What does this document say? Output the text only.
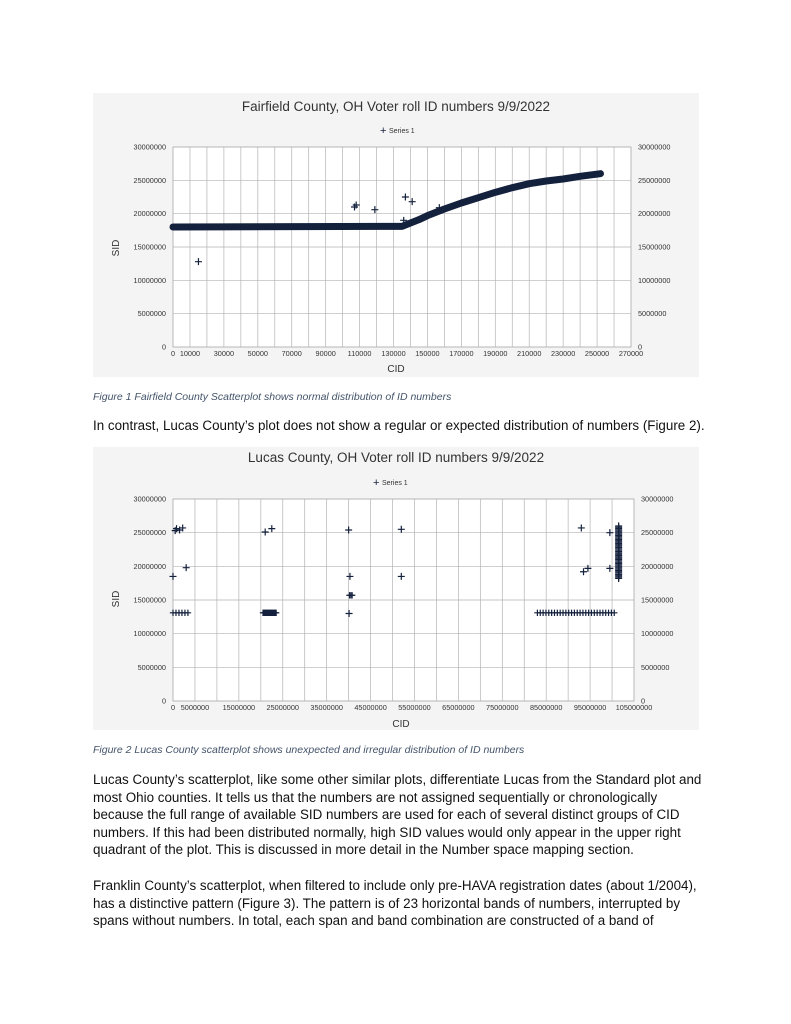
Fairfield County, OH Voter roll ID numbers 9/9/2022
+ Series 1
CID
SID
0 10000 30000 50000 70000 90000 110000 130000 150000 170000 190000 210000 230000 250000 270000
0	0
5000000	5000000
10000000	10000000
15000000	15000000
20000000	20000000
25000000	25000000
30000000	30000000
Figure 1 Fairfield County Scatterplot shows normal distribution of ID numbers
In contrast, Lucas County’s plot does not show a regular or expected distribution of numbers (Figure 2).
Lucas County, OH Voter roll ID numbers 9/9/2022
+ Series 1
CID
SID
0 5000000 15000000 25000000 35000000 45000000 55000000 65000000 75000000 85000000 95000000 105000000
0	0
5000000	5000000
10000000	10000000
15000000	15000000
20000000	20000000
25000000	25000000
30000000	30000000
Figure 2 Lucas County scatterplot shows unexpected and irregular distribution of ID numbers
Lucas County’s scatterplot, like some other similar plots, differentiate Lucas from the Standard plot and most Ohio counties. It tells us that the numbers are not assigned sequentially or chronologically because the full range of available SID numbers are used for each of several distinct groups of CID numbers. If this had been distributed normally, high SID values would only appear in the upper right quadrant of the plot. This is discussed in more detail in the Number space mapping section.
Franklin County’s scatterplot, when filtered to include only pre-HAVA registration dates (about 1/2004), has a distinctive pattern (Figure 3). The pattern is of 23 horizontal bands of numbers, interrupted by spans without numbers. In total, each span and band combination are constructed of a band of
